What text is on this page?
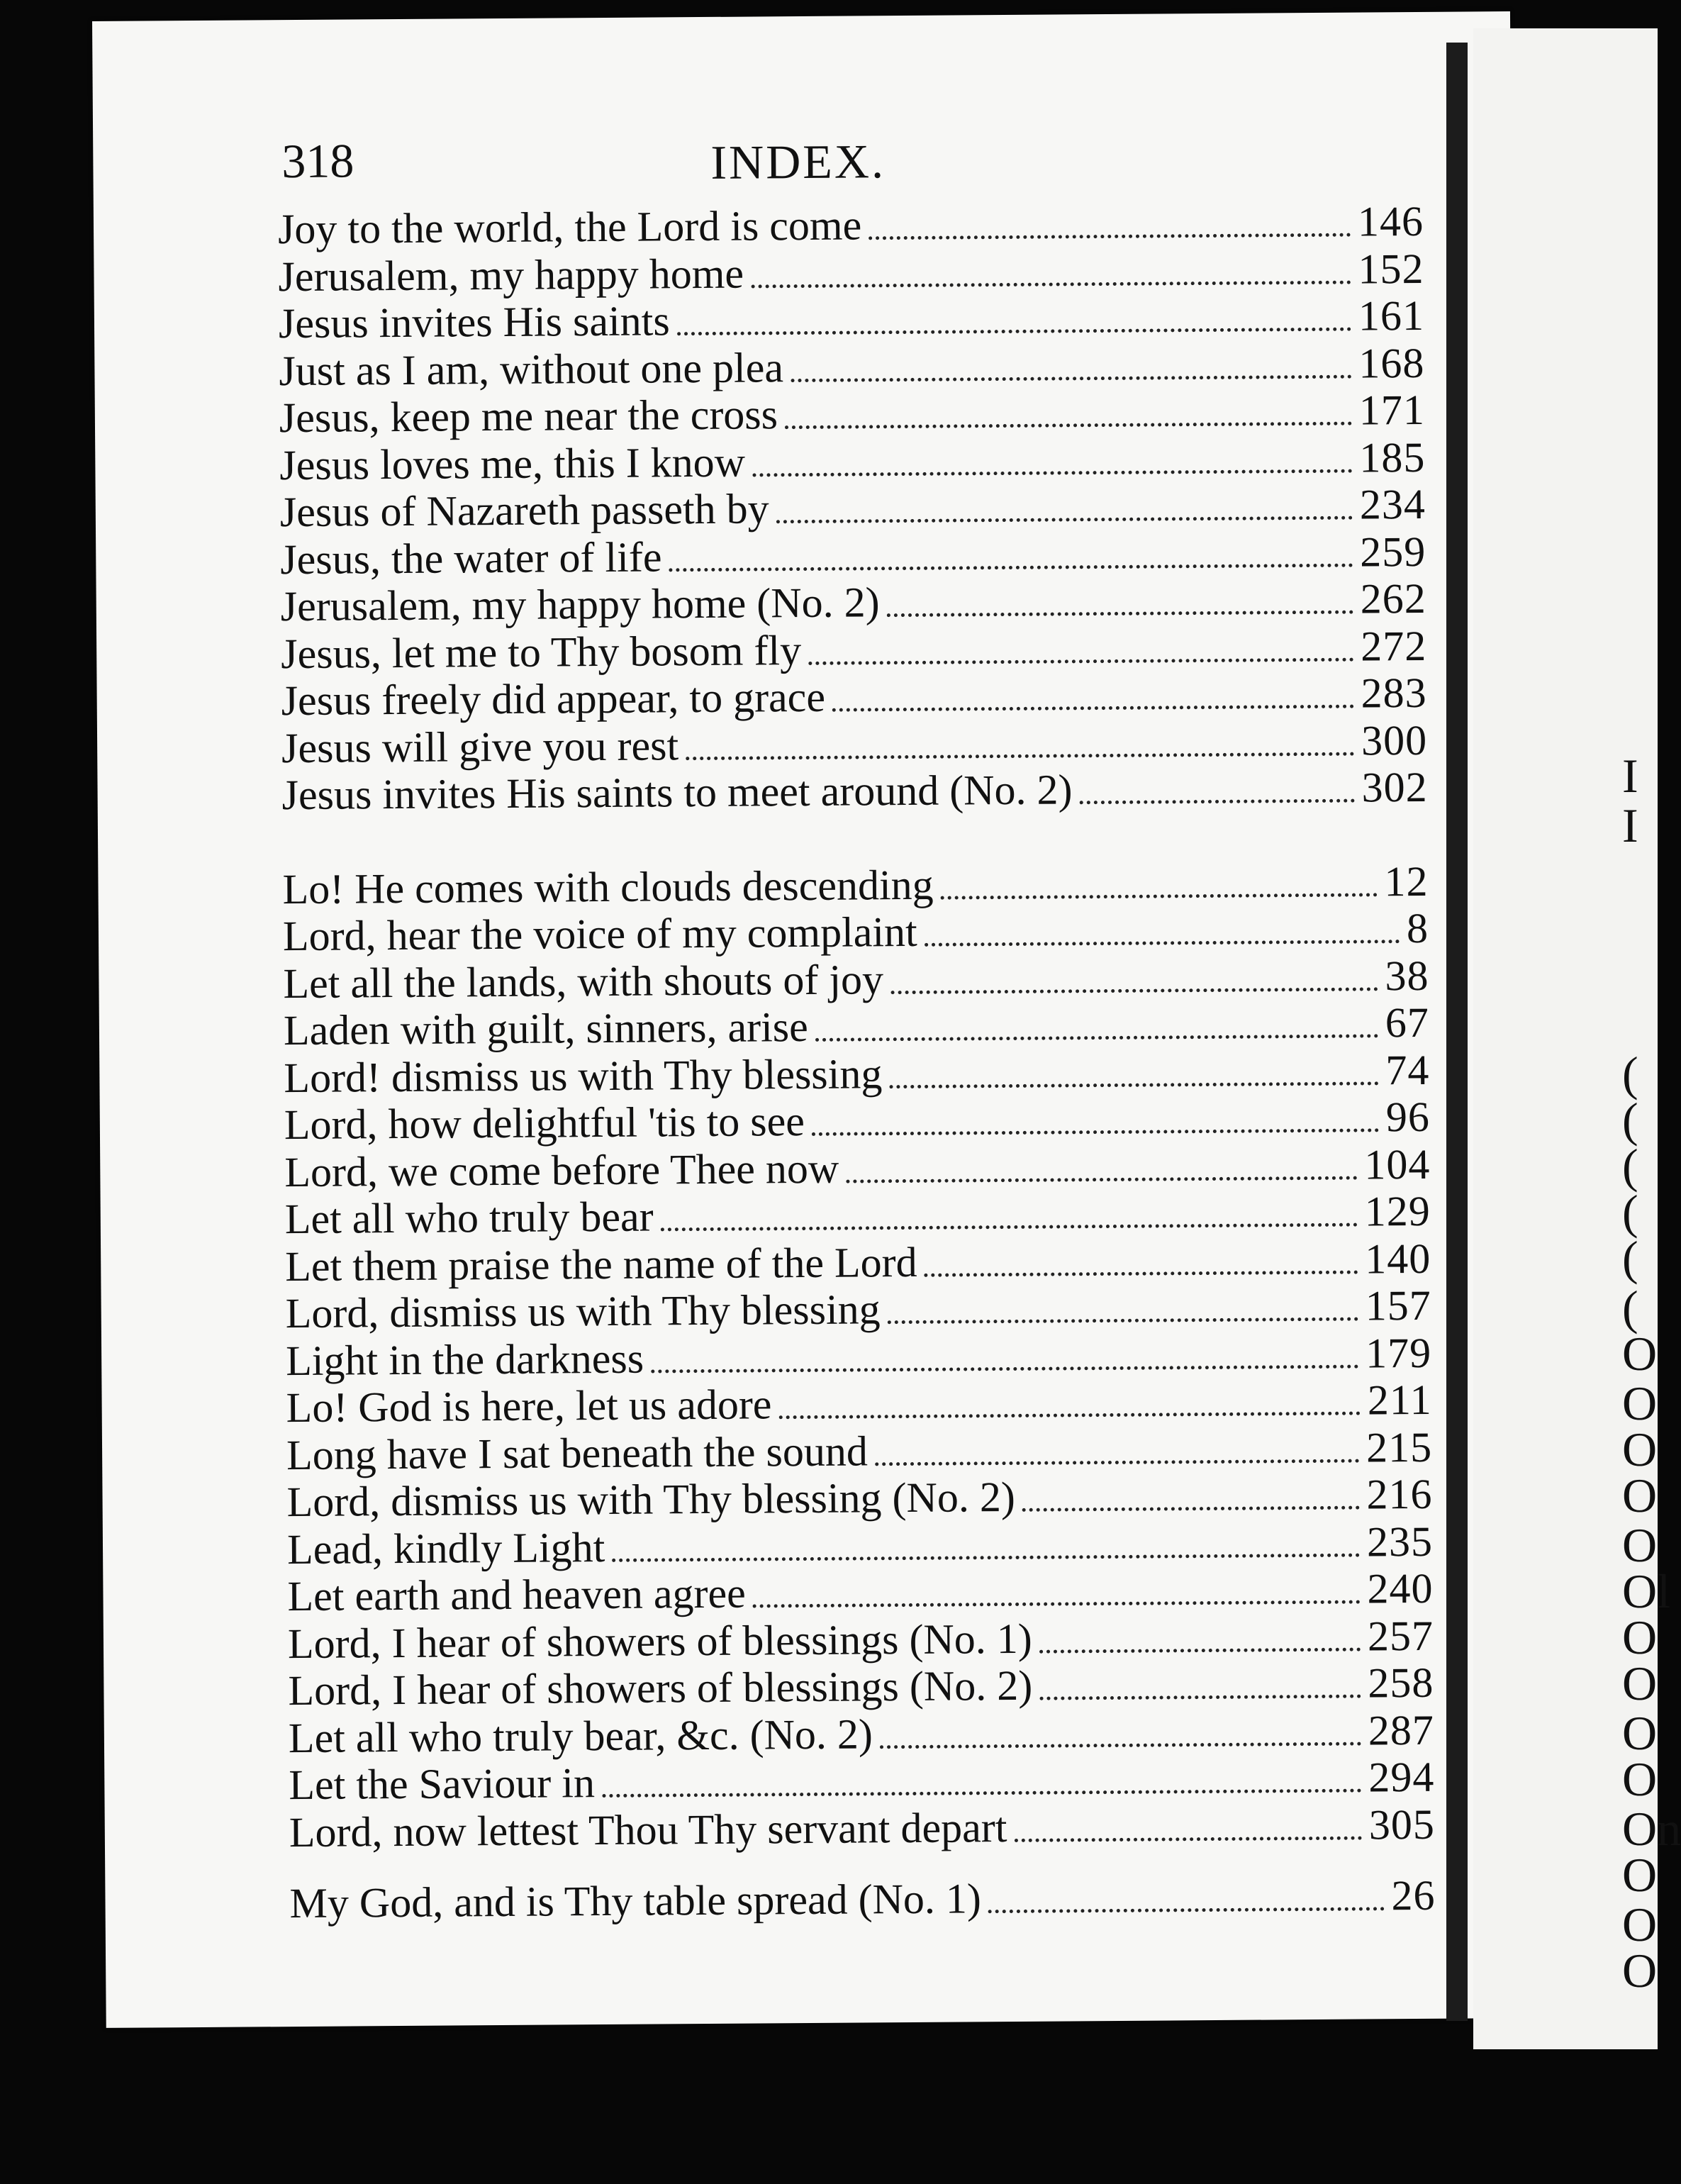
318	INDEX.
Joy to the world, the Lord is come	146
Jerusalem, my happy home	152
Jesus invites His saints	161
Just as I am, without one plea	168
Jesus, keep me near the cross	171
Jesus loves me, this I know	185
Jesus of Nazareth passeth by	234
Jesus, the water of life	259
Jerusalem, my happy home (No. 2)	262
Jesus, let me to Thy bosom fly	272
Jesus freely did appear, to grace	283
Jesus will give you rest	300
Jesus invites His saints to meet around (No. 2)	302
Lo! He comes with clouds descending	12
Lord, hear the voice of my complaint	8
Let all the lands, with shouts of joy	38
Laden with guilt, sinners, arise	67
Lord! dismiss us with Thy blessing	74
Lord, how delightful 'tis to see	96
Lord, we come before Thee now	104
Let all who truly bear	129
Let them praise the name of the Lord	140
Lord, dismiss us with Thy blessing	157
Light in the darkness	179
Lo! God is here, let us adore	211
Long have I sat beneath the sound	215
Lord, dismiss us with Thy blessing (No. 2)	216
Lead, kindly Light	235
Let earth and heaven agree	240
Lord, I hear of showers of blessings (No. 1)	257
Lord, I hear of showers of blessings (No. 2)	258
Let all who truly bear, &c. (No. 2)	287
Let the Saviour in	294
Lord, now lettest Thou Thy servant depart	305
My God, and is Thy table spread (No. 1)	26
I
I
(
(
(
(
(
(
O
O
O
O
O
Ol
O
O
O
O
On
O
O
O
